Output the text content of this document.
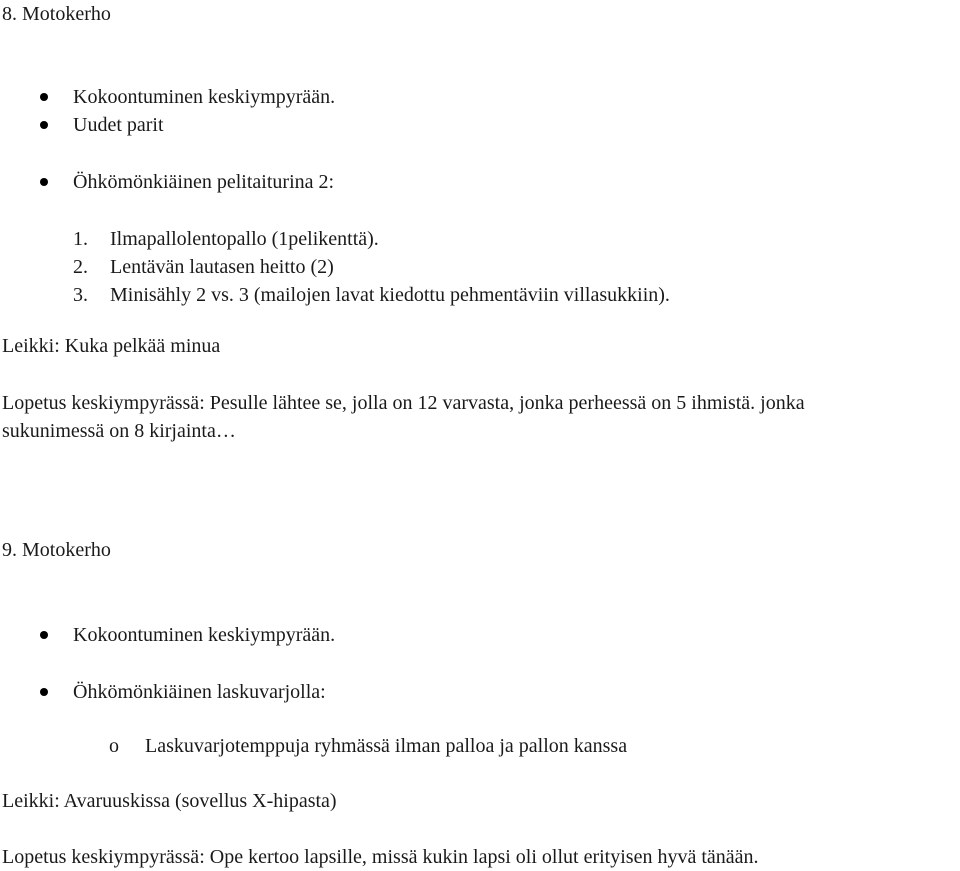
8. Motokerho
Kokoontuminen keskiympyrään.
Uudet parit
Öhkömönkiäinen pelitaiturina 2:
1. Ilmapallolentopallo (1pelikenttä).
2. Lentävän lautasen heitto (2)
3. Minisähly 2 vs. 3 (mailojen lavat kiedottu pehmentäviin villasukkiin).
Leikki: Kuka pelkää minua
Lopetus keskiympyrässä: Pesulle lähtee se, jolla on 12 varvasta, jonka perheessä on 5 ihmistä. jonka
sukunimessä on 8 kirjainta…
9. Motokerho
Kokoontuminen keskiympyrään.
Öhkömönkiäinen laskuvarjolla:
o Laskuvarjotemppuja ryhmässä ilman palloa ja pallon kanssa
Leikki: Avaruuskissa (sovellus X-hipasta)
Lopetus keskiympyrässä: Ope kertoo lapsille, missä kukin lapsi oli ollut erityisen hyvä tänään.
